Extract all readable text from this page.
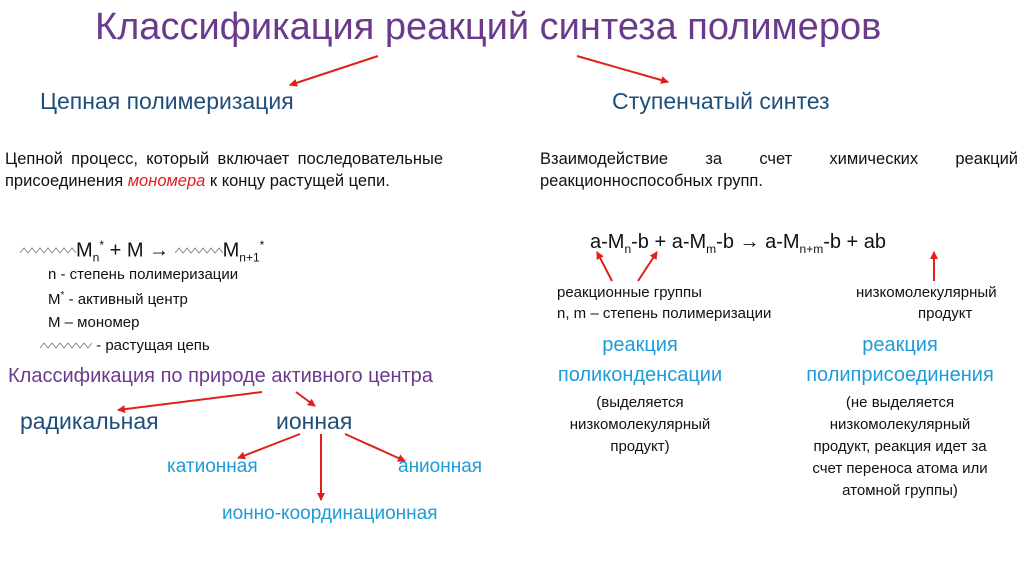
Классификация реакций синтеза полимеров
Цепная полимеризация	Ступенчатый синтез
Цепной процесс, который включает последовательные присоединения мономера к концу растущей цепи.
Взаимодействие за счет химических реакций реакционноспособных групп.
$M_n^* + M \to M_{n+1}^*$
n - степень полимеризации
M* - активный центр
M – мономер
- растущая цепь
Классификация по природе активного центра
радикальная	ионная
катионная	анионная
ионно-координационная
$a-M_n-b + a-M_m-b \to a-M_{n+m}-b$ + ab
реакционные группы
n, m – степень полимеризации
низкомолекулярный
продукт
реакция
поликонденсации
(выделяется
низкомолекулярный
продукт)
реакция
полиприсоединения
(не выделяется
низкомолекулярный
продукт, реакция идет за
счет переноса атома или
атомной группы)
